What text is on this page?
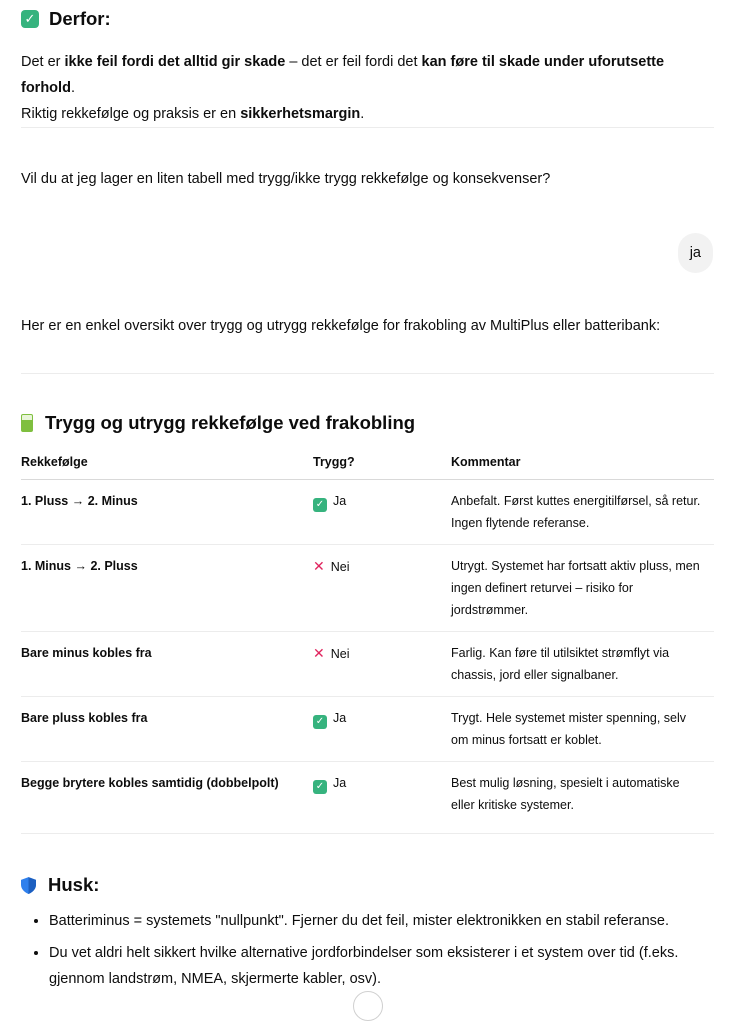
✓ Derfor:

Det er ikke feil fordi det alltid gir skade – det er feil fordi det kan føre til skade under uforutsette forhold.

Riktig rekkefølge og praksis er en sikkerhetsmargin.

Vil du at jeg lager en liten tabell med trygg/ikke trygg rekkefølge og konsekvenser?

ja

Her er en enkel oversikt over trygg og utrygg rekkefølge for frakobling av MultiPlus eller batteribank:

Trygg og utrygg rekkefølge ved frakobling
Rekkefølge	Trygg?	Kommentar
1. Pluss → 2. Minus	✓ Ja	Anbefalt. Først kuttes energitilførsel, så retur. Ingen flytende referanse.
1. Minus → 2. Pluss	✕ Nei	Utrygt. Systemet har fortsatt aktiv pluss, men ingen definert returvei – risiko for jordstrømmer.
Bare minus kobles fra	✕ Nei	Farlig. Kan føre til utilsiktet strømflyt via chassis, jord eller signalbaner.
Bare pluss kobles fra	✓ Ja	Trygt. Hele systemet mister spenning, selv om minus fortsatt er koblet.
Begge brytere kobles samtidig (dobbelpolt)	✓ Ja	Best mulig løsning, spesielt i automatiske eller kritiske systemer.
Husk:
• Batteriminus = systemets "nullpunkt". Fjerner du det feil, mister elektronikken en stabil referanse.
• Du vet aldri helt sikkert hvilke alternative jordforbindelser som eksisterer i et system over tid (f.eks. gjennom landstrøm, NMEA, skjermerte kabler, osv).
